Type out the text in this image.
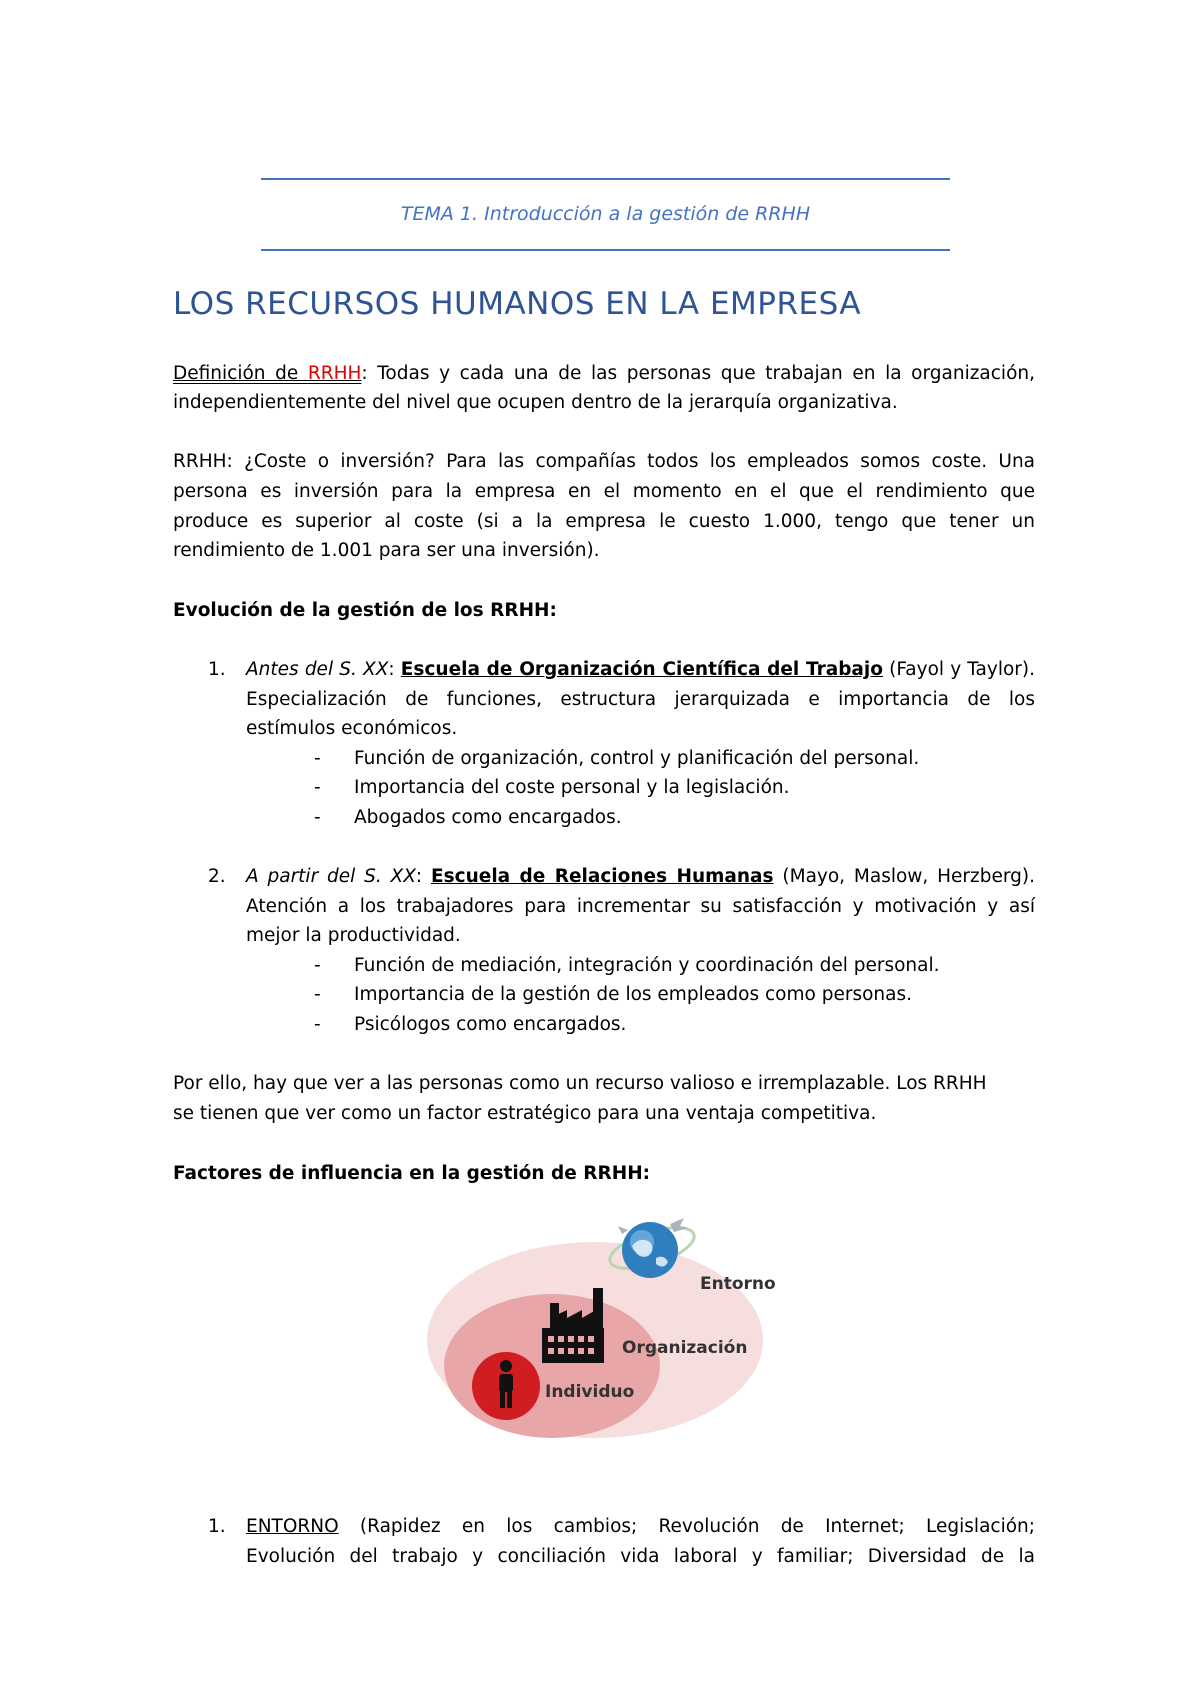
TEMA 1. Introducción a la gestión de RRHH
LOS RECURSOS HUMANOS EN LA EMPRESA
Definición de RRHH: Todas y cada una de las personas que trabajan en la organización,
independientemente del nivel que ocupen dentro de la jerarquía organizativa.
RRHH: ¿Coste o inversión? Para las compañías todos los empleados somos coste. Una
persona es inversión para la empresa en el momento en el que el rendimiento que
produce es superior al coste (si a la empresa le cuesto 1.000, tengo que tener un
rendimiento de 1.001 para ser una inversión).
Evolución de la gestión de los RRHH:
1. Antes del S. XX: Escuela de Organización Científica del Trabajo (Fayol y Taylor).
Especialización de funciones, estructura jerarquizada e importancia de los
estímulos económicos.
- Función de organización, control y planificación del personal.
- Importancia del coste personal y la legislación.
- Abogados como encargados.
2. A partir del S. XX: Escuela de Relaciones Humanas (Mayo, Maslow, Herzberg).
Atención a los trabajadores para incrementar su satisfacción y motivación y así
mejor la productividad.
- Función de mediación, integración y coordinación del personal.
- Importancia de la gestión de los empleados como personas.
- Psicólogos como encargados.
Por ello, hay que ver a las personas como un recurso valioso e irremplazable. Los RRHH
se tienen que ver como un factor estratégico para una ventaja competitiva.
Factores de influencia en la gestión de RRHH:
Entorno
Organización
Individuo
1. ENTORNO (Rapidez en los cambios; Revolución de Internet; Legislación;
Evolución del trabajo y conciliación vida laboral y familiar; Diversidad de la
